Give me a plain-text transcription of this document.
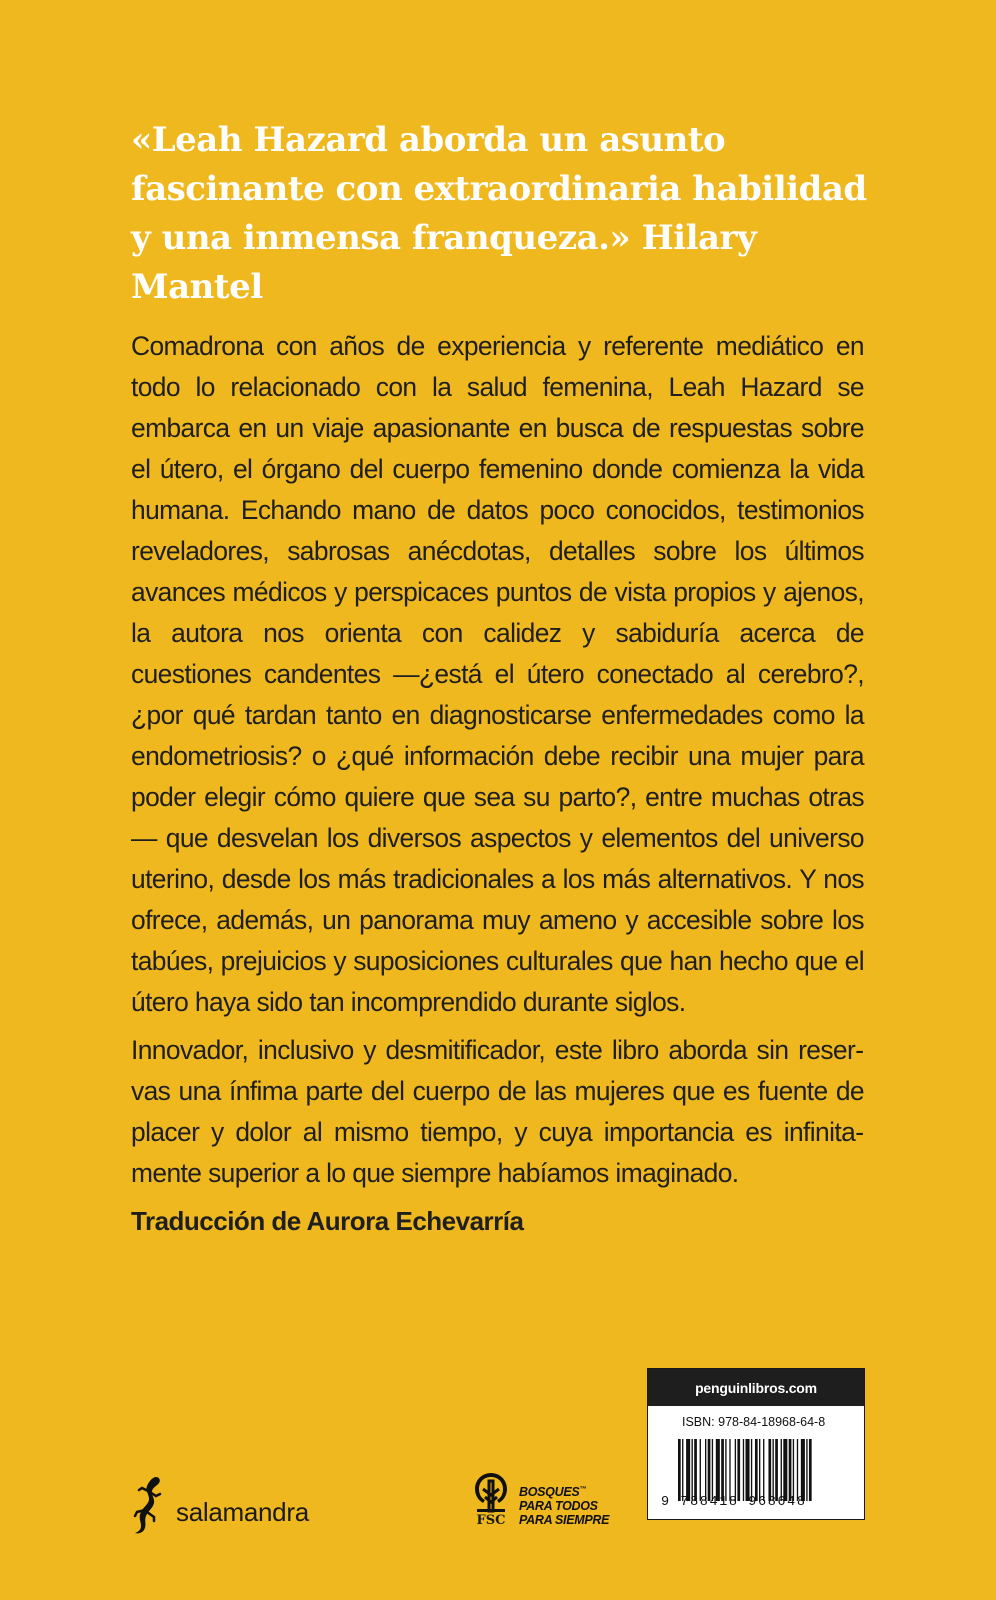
«Leah Hazard aborda un asunto fascinante con extraordinaria habilidad y una inmensa franqueza.» Hilary Mantel

Comadrona con años de experiencia y referente mediático en todo lo relacionado con la salud femenina, Leah Hazard se embarca en un viaje apasionante en busca de respuestas sobre el útero, el órgano del cuerpo femenino donde comienza la vida humana. Echando mano de datos poco conocidos, testimonios reveladores, sabrosas anécdotas, detalles sobre los últimos avances médicos y perspicaces puntos de vista propios y ajenos, la autora nos orienta con calidez y sabiduría acerca de cuestiones candentes —¿está el útero conectado al cerebro?, ¿por qué tardan tanto en diagnosticarse enfermedades como la endometriosis? o ¿qué información debe recibir una mujer para poder elegir cómo quiere que sea su parto?, entre muchas otras— que desvelan los diversos aspectos y elementos del universo uterino, desde los más tradicionales a los más alternativos. Y nos ofrece, además, un panorama muy ameno y accesible sobre los tabúes, prejuicios y suposiciones culturales que han hecho que el útero haya sido tan incomprendido durante siglos.

Innovador, inclusivo y desmitificador, este libro aborda sin reservas una ínfima parte del cuerpo de las mujeres que es fuente de placer y dolor al mismo tiempo, y cuya importancia es infinitamente superior a lo que siempre habíamos imaginado.

Traducción de Aurora Echevarría
salamandra	FSC
BOSQUES™
PARA TODOS
PARA SIEMPRE
penguinlibros.com
ISBN: 978-84-18968-64-8
9 788418 968648
